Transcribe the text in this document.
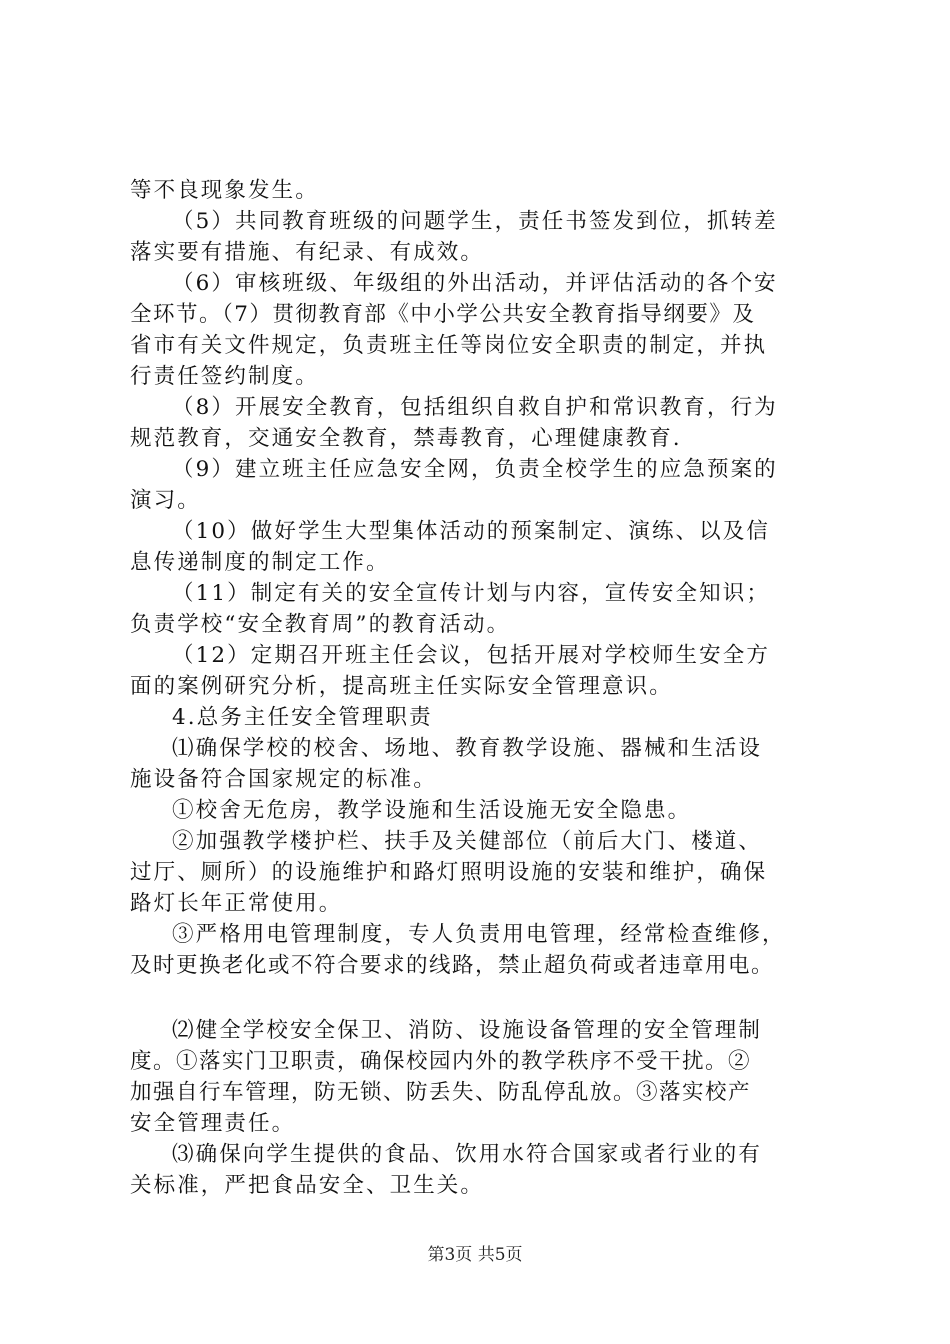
等不良现象发生。
（5）共同教育班级的问题学生，责任书签发到位，抓转差
落实要有措施、有纪录、有成效。
（6）审核班级、年级组的外出活动，并评估活动的各个安
全环节。（7）贯彻教育部《中小学公共安全教育指导纲要》及
省市有关文件规定，负责班主任等岗位安全职责的制定，并执
行责任签约制度。
（8）开展安全教育，包括组织自救自护和常识教育，行为
规范教育，交通安全教育，禁毒教育，心理健康教育.
（9）建立班主任应急安全网，负责全校学生的应急预案的
演习。
（10）做好学生大型集体活动的预案制定、演练、以及信
息传递制度的制定工作。
（11）制定有关的安全宣传计划与内容，宣传安全知识；
负责学校“安全教育周”的教育活动。
（12）定期召开班主任会议，包括开展对学校师生安全方
面的案例研究分析，提高班主任实际安全管理意识。
4.总务主任安全管理职责
⑴确保学校的校舍、场地、教育教学设施、器械和生活设
施设备符合国家规定的标准。
①校舍无危房，教学设施和生活设施无安全隐患。
②加强教学楼护栏、扶手及关健部位（前后大门、楼道、
过厅、厕所）的设施维护和路灯照明设施的安装和维护，确保
路灯长年正常使用。
③严格用电管理制度，专人负责用电管理，经常检查维修，
及时更换老化或不符合要求的线路，禁止超负荷或者违章用电。
⑵健全学校安全保卫、消防、设施设备管理的安全管理制
度。①落实门卫职责，确保校园内外的教学秩序不受干扰。②
加强自行车管理，防无锁、防丢失、防乱停乱放。③落实校产
安全管理责任。
⑶确保向学生提供的食品、饮用水符合国家或者行业的有
关标准，严把食品安全、卫生关。
第3页 共5页
